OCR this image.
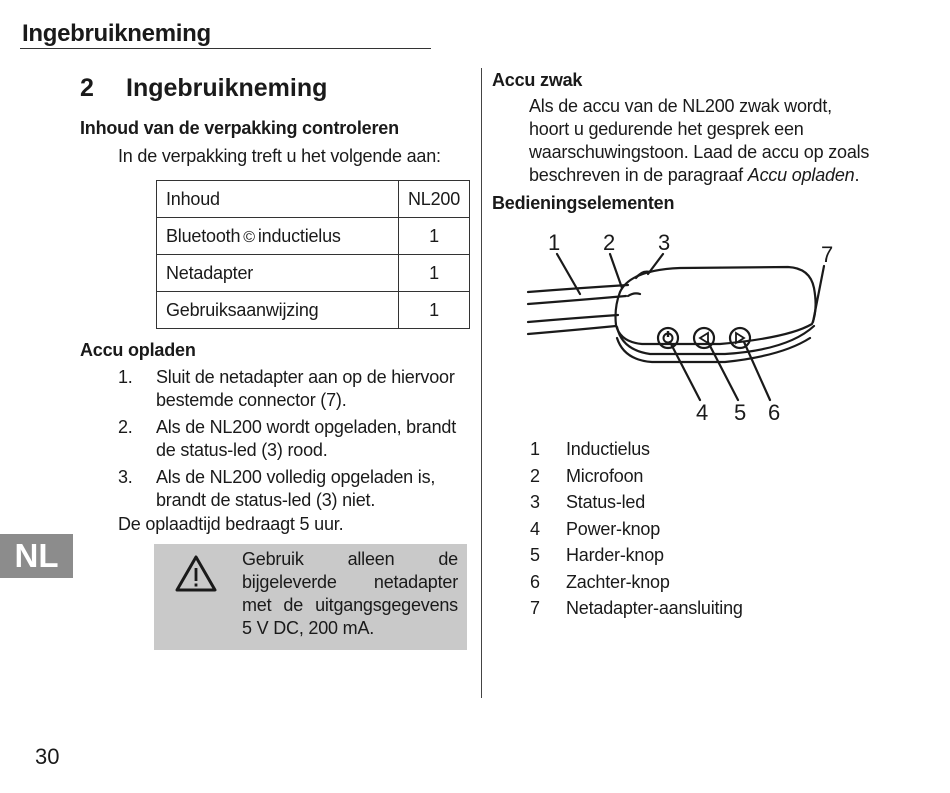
Ingebruikneming
2 Ingebruikneming
Inhoud van de verpakking controleren
In de verpakking treft u het volgende aan:
Inhoud	NL200
Bluetooth © inductielus	1
Netadapter	1
Gebruiksaanwijzing	1
Accu opladen
1. Sluit de netadapter aan op de hiervoor bestemde connector (7).
2. Als de NL200 wordt opgeladen, brandt de status-led (3) rood.
3. Als de NL200 volledig opgeladen is, brandt de status-led (3) niet.
De oplaadtijd bedraagt 5 uur.
Gebruik alleen de bijgeleverde netadapter met de uitgangsgegevens 5 V DC, 200 mA.
NL
30
Accu zwak
Als de accu van de NL200 zwak wordt, hoort u gedurende het gesprek een waarschuwingstoon. Laad de accu op zoals beschreven in de paragraaf Accu opladen.
Bedieningselementen
1 2 3
4 5 6
7
1 Inductielus
2 Microfoon
3 Status-led
4 Power-knop
5 Harder-knop
6 Zachter-knop
7 Netadapter-aansluiting
